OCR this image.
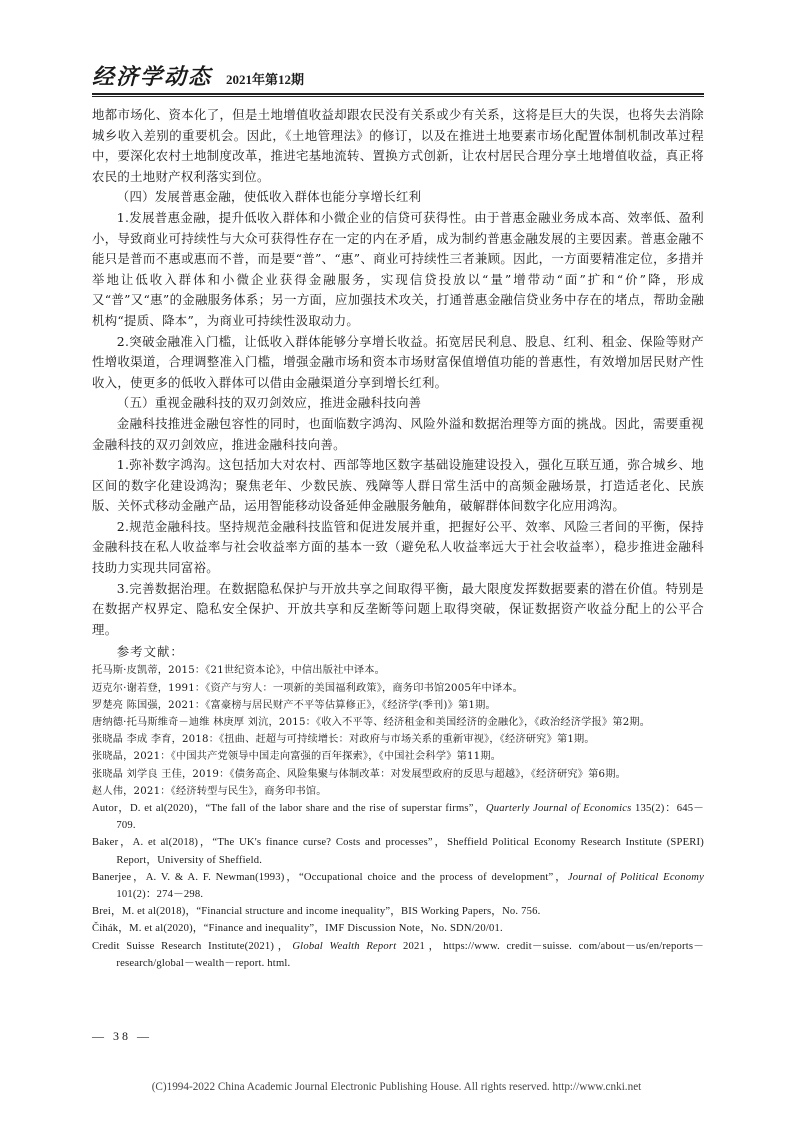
经济学动态 2021年第12期

地都市场化、资本化了，但是土地增值收益却跟农民没有关系或少有关系，这将是巨大的失误，也将失去消除城乡收入差别的重要机会。因此，《土地管理法》的修订，以及在推进土地要素市场化配置体制机制改革过程中，要深化农村土地制度改革，推进宅基地流转、置换方式创新，让农村居民合理分享土地增值收益，真正将农民的土地财产权利落实到位。

（四）发展普惠金融，使低收入群体也能分享增长红利

1.发展普惠金融，提升低收入群体和小微企业的信贷可获得性。由于普惠金融业务成本高、效率低、盈利小，导致商业可持续性与大众可获得性存在一定的内在矛盾，成为制约普惠金融发展的主要因素。普惠金融不能只是普而不惠或惠而不普，而是要“普”、“惠”、商业可持续性三者兼顾。因此，一方面要精准定位，多措并举地让低收入群体和小微企业获得金融服务，实现信贷投放以“量”增带动“面”扩和“价”降，形成又“普”又“惠”的金融服务体系；另一方面，应加强技术攻关，打通普惠金融信贷业务中存在的堵点，帮助金融机构“提质、降本”，为商业可持续性汲取动力。

2.突破金融准入门槛，让低收入群体能够分享增长收益。拓宽居民利息、股息、红利、租金、保险等财产性增收渠道，合理调整准入门槛，增强金融市场和资本市场财富保值增值功能的普惠性，有效增加居民财产性收入，使更多的低收入群体可以借由金融渠道分享到增长红利。

（五）重视金融科技的双刃剑效应，推进金融科技向善

金融科技推进金融包容性的同时，也面临数字鸿沟、风险外溢和数据治理等方面的挑战。因此，需要重视金融科技的双刃剑效应，推进金融科技向善。

1.弥补数字鸿沟。这包括加大对农村、西部等地区数字基础设施建设投入，强化互联互通，弥合城乡、地区间的数字化建设鸿沟；聚焦老年、少数民族、残障等人群日常生活中的高频金融场景，打造适老化、民族版、关怀式移动金融产品，运用智能移动设备延伸金融服务触角，破解群体间数字化应用鸿沟。

2.规范金融科技。坚持规范金融科技监管和促进发展并重，把握好公平、效率、风险三者间的平衡，保持金融科技在私人收益率与社会收益率方面的基本一致（避免私人收益率远大于社会收益率），稳步推进金融科技助力实现共同富裕。

3.完善数据治理。在数据隐私保护与开放共享之间取得平衡，最大限度发挥数据要素的潜在价值。特别是在数据产权界定、隐私安全保护、开放共享和反垄断等问题上取得突破，保证数据资产收益分配上的公平合理。

参考文献：

托马斯·皮凯蒂，2015：《21世纪资本论》，中信出版社中译本。

迈克尔·谢若登，1991：《资产与穷人：一项新的美国福利政策》，商务印书馆2005年中译本。

罗楚亮 陈国强，2021：《富豪榜与居民财产不平等估算修正》，《经济学(季刊)》第1期。

唐纳德·托马斯维奇－迪维 林庚厚 刘沆，2015：《收入不平等、经济租金和美国经济的金融化》，《政治经济学报》第2期。

张晓晶 李成 李育，2018：《扭曲、赶超与可持续增长：对政府与市场关系的重新审视》，《经济研究》第1期。

张晓晶，2021：《中国共产党领导中国走向富强的百年探索》，《中国社会科学》第11期。

张晓晶 刘学良 王佳，2019：《债务高企、风险集聚与体制改革：对发展型政府的反思与超越》，《经济研究》第6期。

赵人伟，2021：《经济转型与民生》，商务印书馆。

Autor，D. et al(2020)，“The fall of the labor share and the rise of superstar firms”，Quarterly Journal of Economics 135(2)：645－709.

Baker，A. et al(2018)，“The UK's finance curse? Costs and processes”，Sheffield Political Economy Research Institute (SPERI) Report，University of Sheffield.

Banerjee，A. V. & A. F. Newman(1993)，“Occupational choice and the process of development”，Journal of Political Economy 101(2)：274－298.

Brei，M. et al(2018)，“Financial structure and income inequality”，BIS Working Papers，No. 756.

Čihák，M. et al(2020)，“Finance and inequality”，IMF Discussion Note，No. SDN/20/01.

Credit Suisse Research Institute(2021)，Global Wealth Report 2021，https://www. credit－suisse. com/about－us/en/reports－research/global－wealth－report. html.

— 38 —
(C)1994-2022 China Academic Journal Electronic Publishing House. All rights reserved. http://www.cnki.net
